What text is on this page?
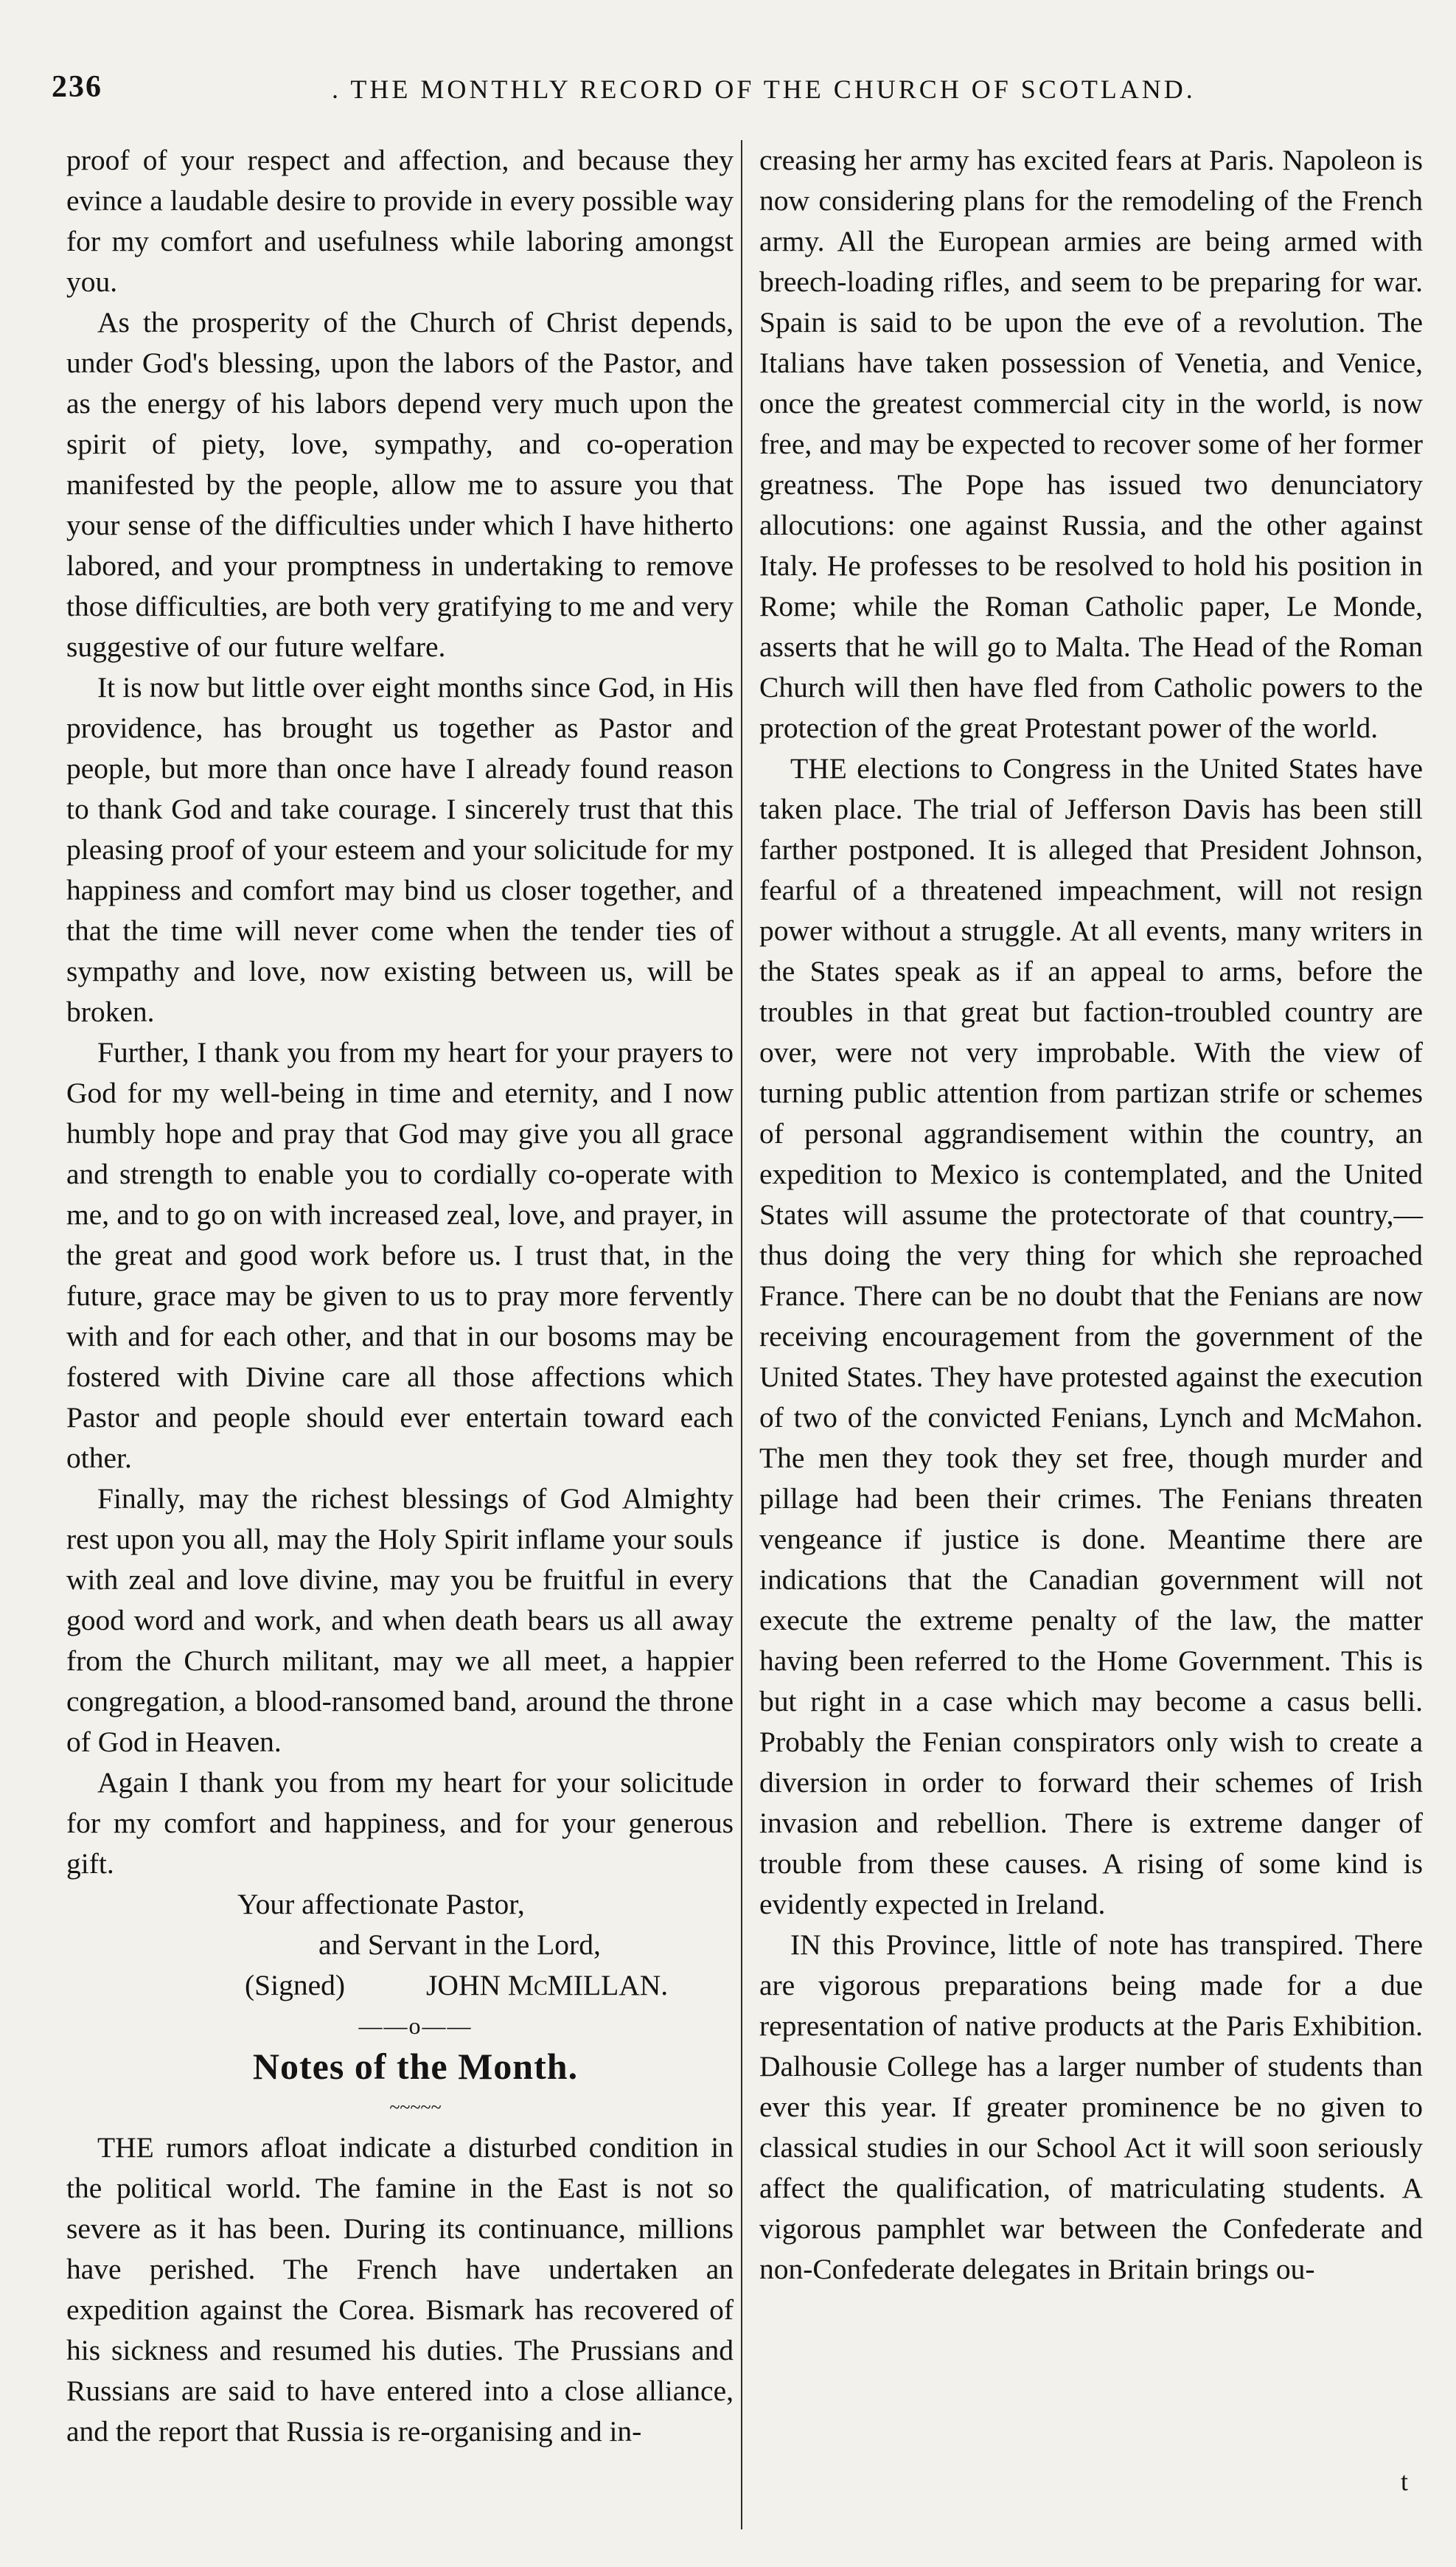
236	. THE MONTHLY RECORD OF THE CHURCH OF SCOTLAND.

proof of your respect and affection, and because they evince a laudable desire to provide in every possible way for my comfort and usefulness while laboring amongst you.

As the prosperity of the Church of Christ depends, under God's blessing, upon the labors of the Pastor, and as the energy of his labors depend very much upon the spirit of piety, love, sympathy, and co-operation manifested by the people, allow me to assure you that your sense of the difficulties under which I have hitherto labored, and your promptness in undertaking to remove those difficulties, are both very gratifying to me and very suggestive of our future welfare.

It is now but little over eight months since God, in His providence, has brought us together as Pastor and people, but more than once have I already found reason to thank God and take courage. I sincerely trust that this pleasing proof of your esteem and your solicitude for my happiness and comfort may bind us closer together, and that the time will never come when the tender ties of sympathy and love, now existing between us, will be broken.

Further, I thank you from my heart for your prayers to God for my well-being in time and eternity, and I now humbly hope and pray that God may give you all grace and strength to enable you to cordially co-operate with me, and to go on with increased zeal, love, and prayer, in the great and good work before us. I trust that, in the future, grace may be given to us to pray more fervently with and for each other, and that in our bosoms may be fostered with Divine care all those affections which Pastor and people should ever entertain toward each other.

Finally, may the richest blessings of God Almighty rest upon you all, may the Holy Spirit inflame your souls with zeal and love divine, may you be fruitful in every good word and work, and when death bears us all away from the Church militant, may we all meet, a happier congregation, a blood-ransomed band, around the throne of God in Heaven.

Again I thank you from my heart for your solicitude for my comfort and happiness, and for your generous gift.

Your affectionate Pastor,

and Servant in the Lord,

(Signed)	JOHN McMILLAN.

——o——

Notes of the Month.

~~~~~

THE rumors afloat indicate a disturbed condition in the political world. The famine in the East is not so severe as it has been. During its continuance, millions have perished. The French have undertaken an expedition against the Corea. Bismark has recovered of his sickness and resumed his duties. The Prussians and Russians are said to have entered into a close alliance, and the report that Russia is re-organising and in-

creasing her army has excited fears at Paris. Napoleon is now considering plans for the remodeling of the French army. All the European armies are being armed with breech-loading rifles, and seem to be preparing for war. Spain is said to be upon the eve of a revolution. The Italians have taken possession of Venetia, and Venice, once the greatest commercial city in the world, is now free, and may be expected to recover some of her former greatness. The Pope has issued two denunciatory allocutions: one against Russia, and the other against Italy. He professes to be resolved to hold his position in Rome; while the Roman Catholic paper, Le Monde, asserts that he will go to Malta. The Head of the Roman Church will then have fled from Catholic powers to the protection of the great Protestant power of the world.

THE elections to Congress in the United States have taken place. The trial of Jefferson Davis has been still farther postponed. It is alleged that President Johnson, fearful of a threatened impeachment, will not resign power without a struggle. At all events, many writers in the States speak as if an appeal to arms, before the troubles in that great but faction-troubled country are over, were not very improbable. With the view of turning public attention from partizan strife or schemes of personal aggrandisement within the country, an expedition to Mexico is contemplated, and the United States will assume the protectorate of that country,— thus doing the very thing for which she reproached France. There can be no doubt that the Fenians are now receiving encouragement from the government of the United States. They have protested against the execution of two of the convicted Fenians, Lynch and McMahon. The men they took they set free, though murder and pillage had been their crimes. The Fenians threaten vengeance if justice is done. Meantime there are indications that the Canadian government will not execute the extreme penalty of the law, the matter having been referred to the Home Government. This is but right in a case which may become a casus belli. Probably the Fenian conspirators only wish to create a diversion in order to forward their schemes of Irish invasion and rebellion. There is extreme danger of trouble from these causes. A rising of some kind is evidently expected in Ireland.

IN this Province, little of note has transpired. There are vigorous preparations being made for a due representation of native products at the Paris Exhibition. Dalhousie College has a larger number of students than ever this year. If greater prominence be no given to classical studies in our School Act it will soon seriously affect the qualification, of matriculating students. A vigorous pamphlet war between the Confederate and non-Confederate delegates in Britain brings ou-

t
